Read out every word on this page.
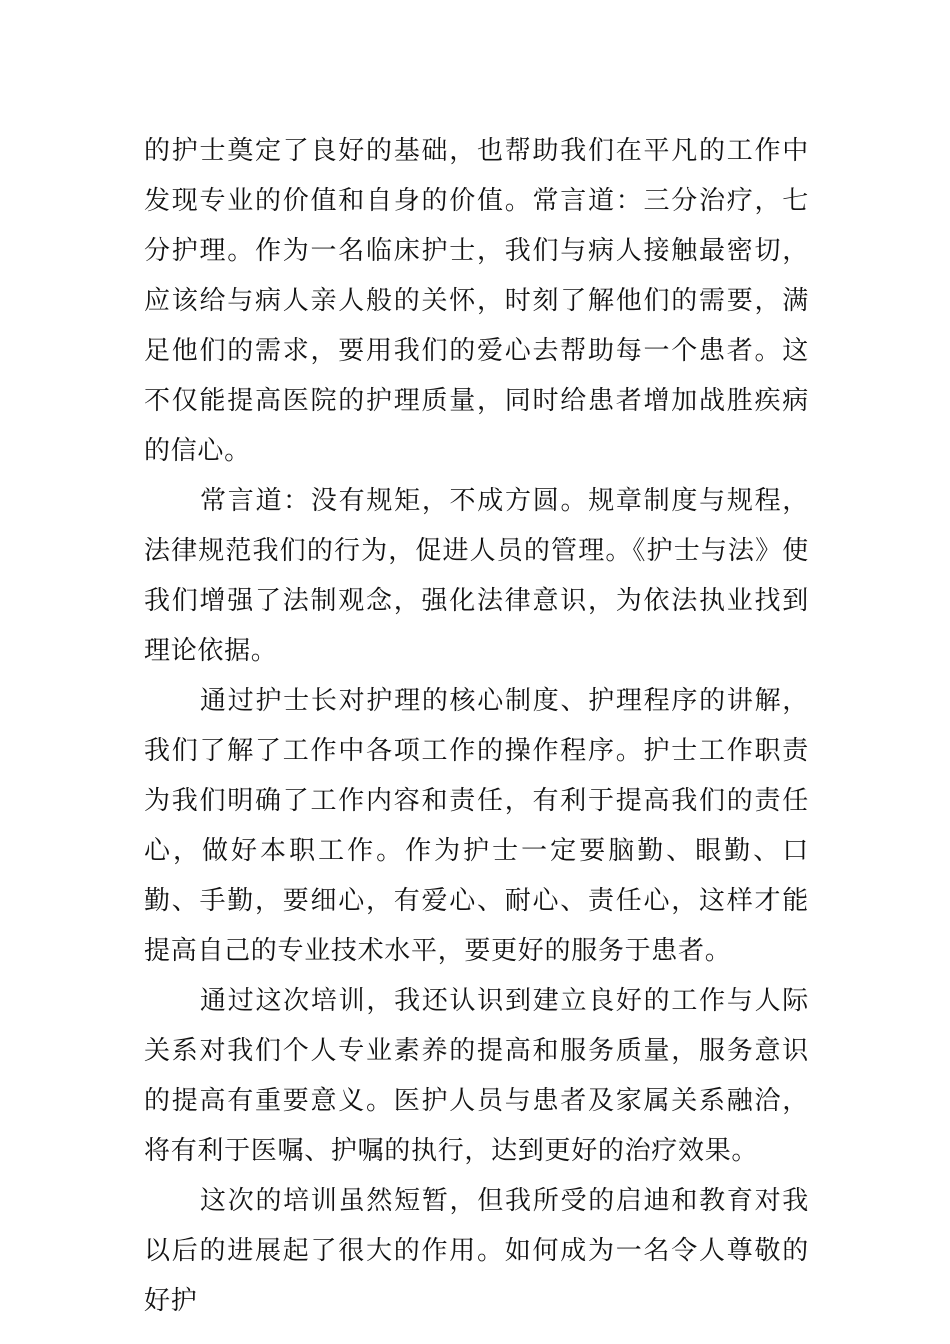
的护士奠定了良好的基础，也帮助我们在平凡的工作中发现专业的价值和自身的价值。常言道：三分治疗，七分护理。作为一名临床护士，我们与病人接触最密切，应该给与病人亲人般的关怀，时刻了解他们的需要，满足他们的需求，要用我们的爱心去帮助每一个患者。这不仅能提高医院的护理质量，同时给患者增加战胜疾病的信心。

常言道：没有规矩，不成方圆。规章制度与规程，法律规范我们的行为，促进人员的管理。《护士与法》使我们增强了法制观念，强化法律意识，为依法执业找到理论依据。

通过护士长对护理的核心制度、护理程序的讲解，我们了解了工作中各项工作的操作程序。护士工作职责为我们明确了工作内容和责任，有利于提高我们的责任心，做好本职工作。作为护士一定要脑勤、眼勤、口勤、手勤，要细心，有爱心、耐心、责任心，这样才能提高自己的专业技术水平，要更好的服务于患者。

通过这次培训，我还认识到建立良好的工作与人际关系对我们个人专业素养的提高和服务质量，服务意识的提高有重要意义。医护人员与患者及家属关系融洽，将有利于医嘱、护嘱的执行，达到更好的治疗效果。

这次的培训虽然短暂，但我所受的启迪和教育对我以后的进展起了很大的作用。如何成为一名令人尊敬的好护
